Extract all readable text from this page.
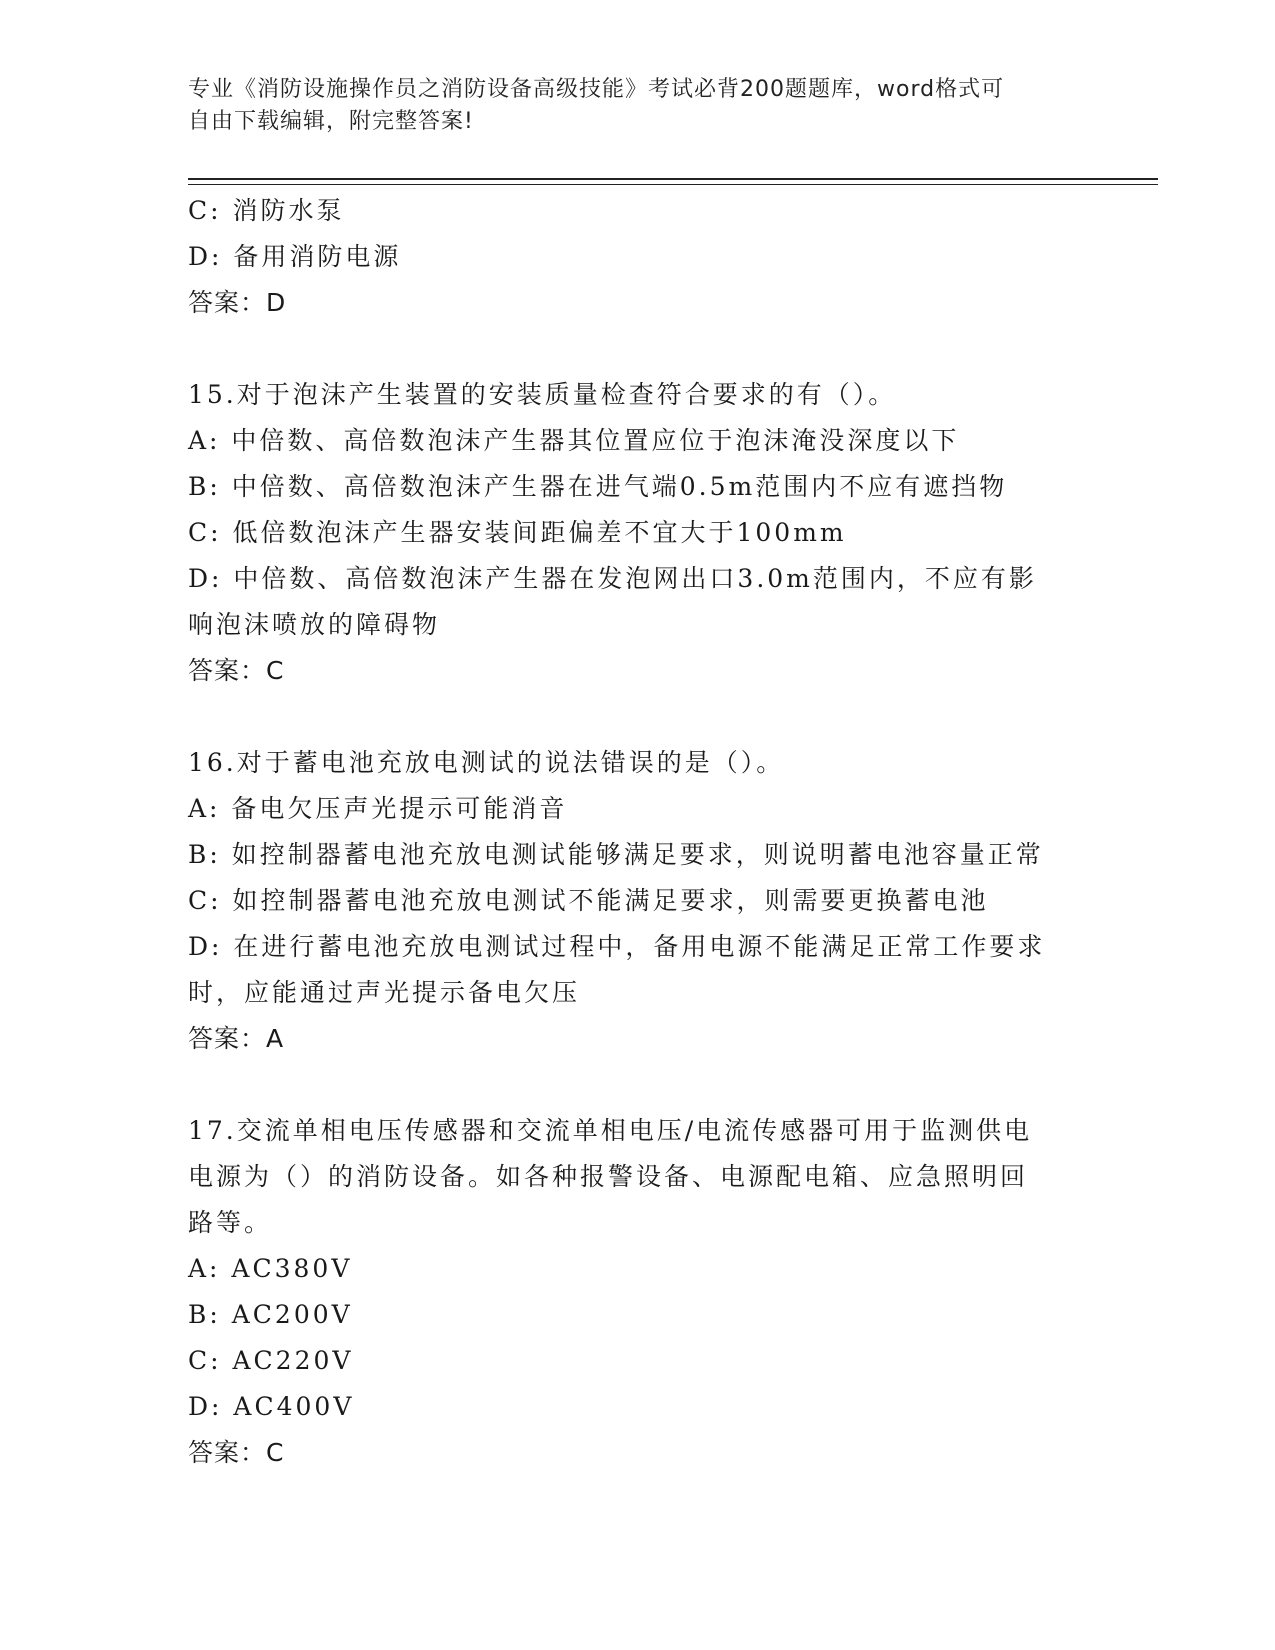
专业《消防设施操作员之消防设备高级技能》考试必背200题题库，word格式可
自由下载编辑，附完整答案!
C: 消防水泵
D: 备用消防电源
答案：D
15.对于泡沫产生装置的安装质量检查符合要求的有（）。
A: 中倍数、高倍数泡沫产生器其位置应位于泡沫淹没深度以下
B: 中倍数、高倍数泡沫产生器在进气端0.5m范围内不应有遮挡物
C: 低倍数泡沫产生器安装间距偏差不宜大于100mm
D: 中倍数、高倍数泡沫产生器在发泡网出口3.0m范围内，不应有影
响泡沫喷放的障碍物
答案：C
16.对于蓄电池充放电测试的说法错误的是（）。
A: 备电欠压声光提示可能消音
B: 如控制器蓄电池充放电测试能够满足要求，则说明蓄电池容量正常
C: 如控制器蓄电池充放电测试不能满足要求，则需要更换蓄电池
D: 在进行蓄电池充放电测试过程中，备用电源不能满足正常工作要求
时，应能通过声光提示备电欠压
答案：A
17.交流单相电压传感器和交流单相电压/电流传感器可用于监测供电
电源为（）的消防设备。如各种报警设备、电源配电箱、应急照明回
路等。
A: AC380V
B: AC200V
C: AC220V
D: AC400V
答案：C
